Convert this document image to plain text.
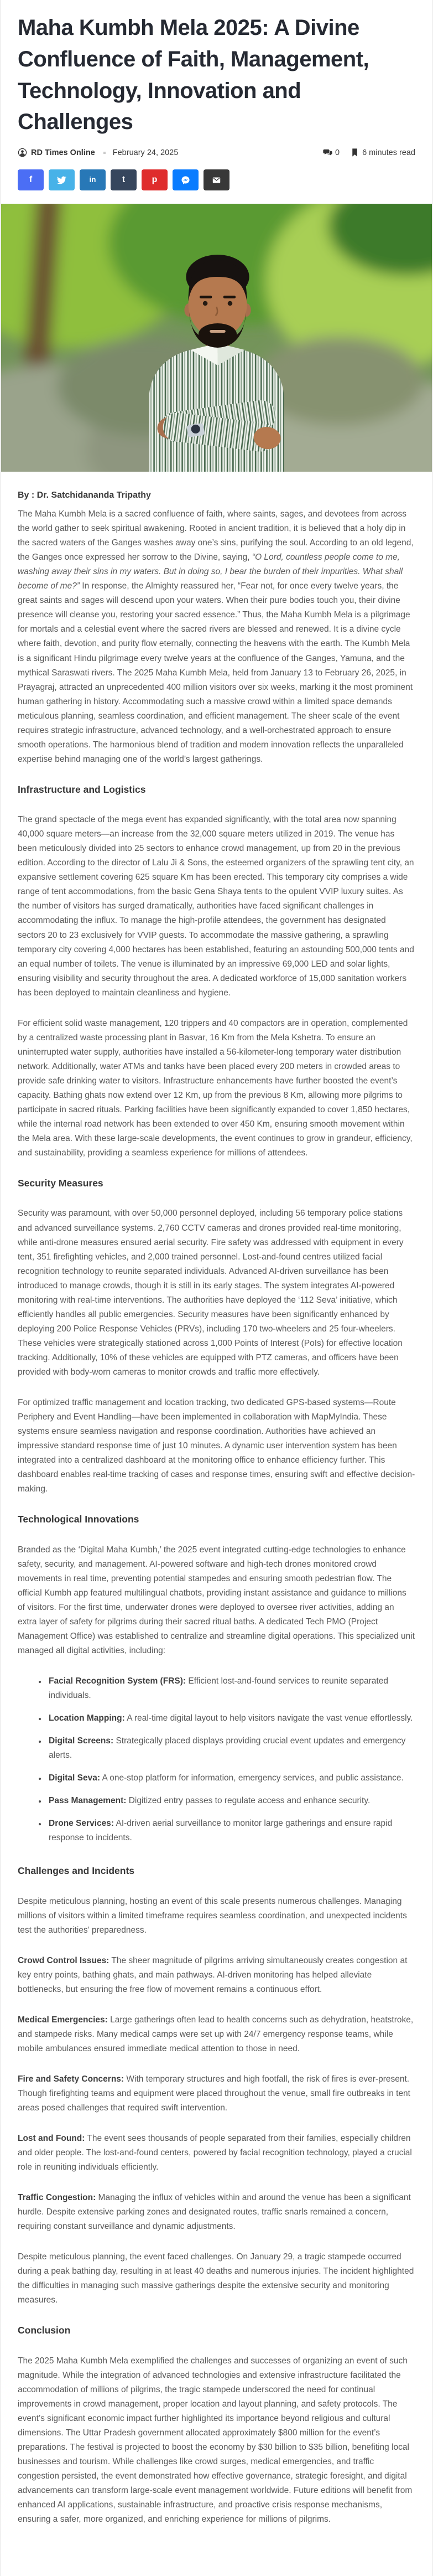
Maha Kumbh Mela 2025: A Divine Confluence of Faith, Management, Technology, Innovation and Challenges
RD Times Online February 24, 2025	0	6 minutes read
f	in	t	p

By : Dr. Satchidananda Tripathy

The Maha Kumbh Mela is a sacred confluence of faith, where saints, sages, and devotees from across the world gather to seek spiritual awakening. Rooted in ancient tradition, it is believed that a holy dip in the sacred waters of the Ganges washes away one’s sins, purifying the soul. According to an old legend, the Ganges once expressed her sorrow to the Divine, saying, “O Lord, countless people come to me, washing away their sins in my waters. But in doing so, I bear the burden of their impurities. What shall become of me?” In response, the Almighty reassured her, “Fear not, for once every twelve years, the great saints and sages will descend upon your waters. When their pure bodies touch you, their divine presence will cleanse you, restoring your sacred essence.” Thus, the Maha Kumbh Mela is a pilgrimage for mortals and a celestial event where the sacred rivers are blessed and renewed. It is a divine cycle where faith, devotion, and purity flow eternally, connecting the heavens with the earth. The Kumbh Mela is a significant Hindu pilgrimage every twelve years at the confluence of the Ganges, Yamuna, and the mythical Saraswati rivers. The 2025 Maha Kumbh Mela, held from January 13 to February 26, 2025, in Prayagraj, attracted an unprecedented 400 million visitors over six weeks, marking it the most prominent human gathering in history. Accommodating such a massive crowd within a limited space demands meticulous planning, seamless coordination, and efficient management. The sheer scale of the event requires strategic infrastructure, advanced technology, and a well-orchestrated approach to ensure smooth operations. The harmonious blend of tradition and modern innovation reflects the unparalleled expertise behind managing one of the world’s largest gatherings.

Infrastructure and Logistics

The grand spectacle of the mega event has expanded significantly, with the total area now spanning 40,000 square meters—an increase from the 32,000 square meters utilized in 2019. The venue has been meticulously divided into 25 sectors to enhance crowd management, up from 20 in the previous edition. According to the director of Lalu Ji & Sons, the esteemed organizers of the sprawling tent city, an expansive settlement covering 625 square Km has been erected. This temporary city comprises a wide range of tent accommodations, from the basic Gena Shaya tents to the opulent VVIP luxury suites. As the number of visitors has surged dramatically, authorities have faced significant challenges in accommodating the influx. To manage the high-profile attendees, the government has designated sectors 20 to 23 exclusively for VVIP guests. To accommodate the massive gathering, a sprawling temporary city covering 4,000 hectares has been established, featuring an astounding 500,000 tents and an equal number of toilets. The venue is illuminated by an impressive 69,000 LED and solar lights, ensuring visibility and security throughout the area. A dedicated workforce of 15,000 sanitation workers has been deployed to maintain cleanliness and hygiene.

For efficient solid waste management, 120 trippers and 40 compactors are in operation, complemented by a centralized waste processing plant in Basvar, 16 Km from the Mela Kshetra. To ensure an uninterrupted water supply, authorities have installed a 56-kilometer-long temporary water distribution network. Additionally, water ATMs and tanks have been placed every 200 meters in crowded areas to provide safe drinking water to visitors. Infrastructure enhancements have further boosted the event’s capacity. Bathing ghats now extend over 12 Km, up from the previous 8 Km, allowing more pilgrims to participate in sacred rituals. Parking facilities have been significantly expanded to cover 1,850 hectares, while the internal road network has been extended to over 450 Km, ensuring smooth movement within the Mela area. With these large-scale developments, the event continues to grow in grandeur, efficiency, and sustainability, providing a seamless experience for millions of attendees.

Security Measures

Security was paramount, with over 50,000 personnel deployed, including 56 temporary police stations and advanced surveillance systems. 2,760 CCTV cameras and drones provided real-time monitoring, while anti-drone measures ensured aerial security. Fire safety was addressed with equipment in every tent, 351 firefighting vehicles, and 2,000 trained personnel. Lost-and-found centres utilized facial recognition technology to reunite separated individuals. Advanced AI-driven surveillance has been introduced to manage crowds, though it is still in its early stages. The system integrates AI-powered monitoring with real-time interventions. The authorities have deployed the ‘112 Seva’ initiative, which efficiently handles all public emergencies. Security measures have been significantly enhanced by deploying 200 Police Response Vehicles (PRVs), including 170 two-wheelers and 25 four-wheelers. These vehicles were strategically stationed across 1,000 Points of Interest (PoIs) for effective location tracking. Additionally, 10% of these vehicles are equipped with PTZ cameras, and officers have been provided with body-worn cameras to monitor crowds and traffic more effectively.

For optimized traffic management and location tracking, two dedicated GPS-based systems—Route Periphery and Event Handling—have been implemented in collaboration with MapMyIndia. These systems ensure seamless navigation and response coordination. Authorities have achieved an impressive standard response time of just 10 minutes. A dynamic user intervention system has been integrated into a centralized dashboard at the monitoring office to enhance efficiency further. This dashboard enables real-time tracking of cases and response times, ensuring swift and effective decision-making.

Technological Innovations

Branded as the ‘Digital Maha Kumbh,’ the 2025 event integrated cutting-edge technologies to enhance safety, security, and management. AI-powered software and high-tech drones monitored crowd movements in real time, preventing potential stampedes and ensuring smooth pedestrian flow. The official Kumbh app featured multilingual chatbots, providing instant assistance and guidance to millions of visitors. For the first time, underwater drones were deployed to oversee river activities, adding an extra layer of safety for pilgrims during their sacred ritual baths. A dedicated Tech PMO (Project Management Office) was established to centralize and streamline digital operations. This specialized unit managed all digital activities, including:

• Facial Recognition System (FRS): Efficient lost-and-found services to reunite separated individuals.
• Location Mapping: A real-time digital layout to help visitors navigate the vast venue effortlessly.
• Digital Screens: Strategically placed displays providing crucial event updates and emergency alerts.
• Digital Seva: A one-stop platform for information, emergency services, and public assistance.
• Pass Management: Digitized entry passes to regulate access and enhance security.
• Drone Services: AI-driven aerial surveillance to monitor large gatherings and ensure rapid response to incidents.
Challenges and Incidents

Despite meticulous planning, hosting an event of this scale presents numerous challenges. Managing millions of visitors within a limited timeframe requires seamless coordination, and unexpected incidents test the authorities’ preparedness.

Crowd Control Issues: The sheer magnitude of pilgrims arriving simultaneously creates congestion at key entry points, bathing ghats, and main pathways. AI-driven monitoring has helped alleviate bottlenecks, but ensuring the free flow of movement remains a continuous effort.

Medical Emergencies: Large gatherings often lead to health concerns such as dehydration, heatstroke, and stampede risks. Many medical camps were set up with 24/7 emergency response teams, while mobile ambulances ensured immediate medical attention to those in need.

Fire and Safety Concerns: With temporary structures and high footfall, the risk of fires is ever-present. Though firefighting teams and equipment were placed throughout the venue, small fire outbreaks in tent areas posed challenges that required swift intervention.

Lost and Found: The event sees thousands of people separated from their families, especially children and older people. The lost-and-found centers, powered by facial recognition technology, played a crucial role in reuniting individuals efficiently.

Traffic Congestion: Managing the influx of vehicles within and around the venue has been a significant hurdle. Despite extensive parking zones and designated routes, traffic snarls remained a concern, requiring constant surveillance and dynamic adjustments.

Despite meticulous planning, the event faced challenges. On January 29, a tragic stampede occurred during a peak bathing day, resulting in at least 40 deaths and numerous injuries. The incident highlighted the difficulties in managing such massive gatherings despite the extensive security and monitoring measures.

Conclusion

The 2025 Maha Kumbh Mela exemplified the challenges and successes of organizing an event of such magnitude. While the integration of advanced technologies and extensive infrastructure facilitated the accommodation of millions of pilgrims, the tragic stampede underscored the need for continual improvements in crowd management, proper location and layout planning, and safety protocols. The event’s significant economic impact further highlighted its importance beyond religious and cultural dimensions. The Uttar Pradesh government allocated approximately $800 million for the event’s preparations. The festival is projected to boost the economy by $30 billion to $35 billion, benefiting local businesses and tourism. While challenges like crowd surges, medical emergencies, and traffic congestion persisted, the event demonstrated how effective governance, strategic foresight, and digital advancements can transform large-scale event management worldwide. Future editions will benefit from enhanced AI applications, sustainable infrastructure, and proactive crisis response mechanisms, ensuring a safer, more organized, and enriching experience for millions of pilgrims.
